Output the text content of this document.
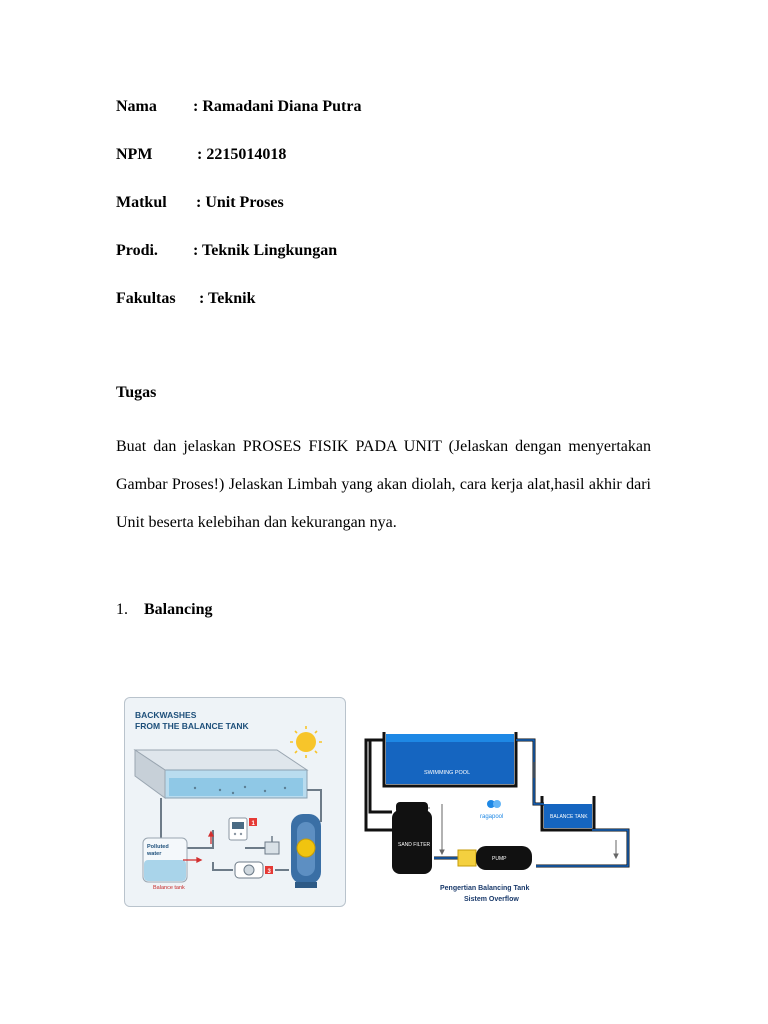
Nama : Ramadani Diana Putra
NPM	: 2215014018
Matkul : Unit Proses
Prodi. : Teknik Lingkungan
Fakultas : Teknik
Tugas
Buat dan jelaskan PROSES FISIK PADA UNIT (Jelaskan dengan menyertakan Gambar Proses!) Jelaskan Limbah yang akan diolah, cara kerja alat,hasil akhir dari Unit beserta kelebihan dan kekurangan nya.
1. Balancing
BACKWASHES
FROM THE BALANCE TANK
Polluted
water
Balance tank
1
3
SWIMMING POOL
BALANCE TANK
SAND FILTER
PUMP
ragapool
Pengertian Balancing Tank
Sistem Overflow
